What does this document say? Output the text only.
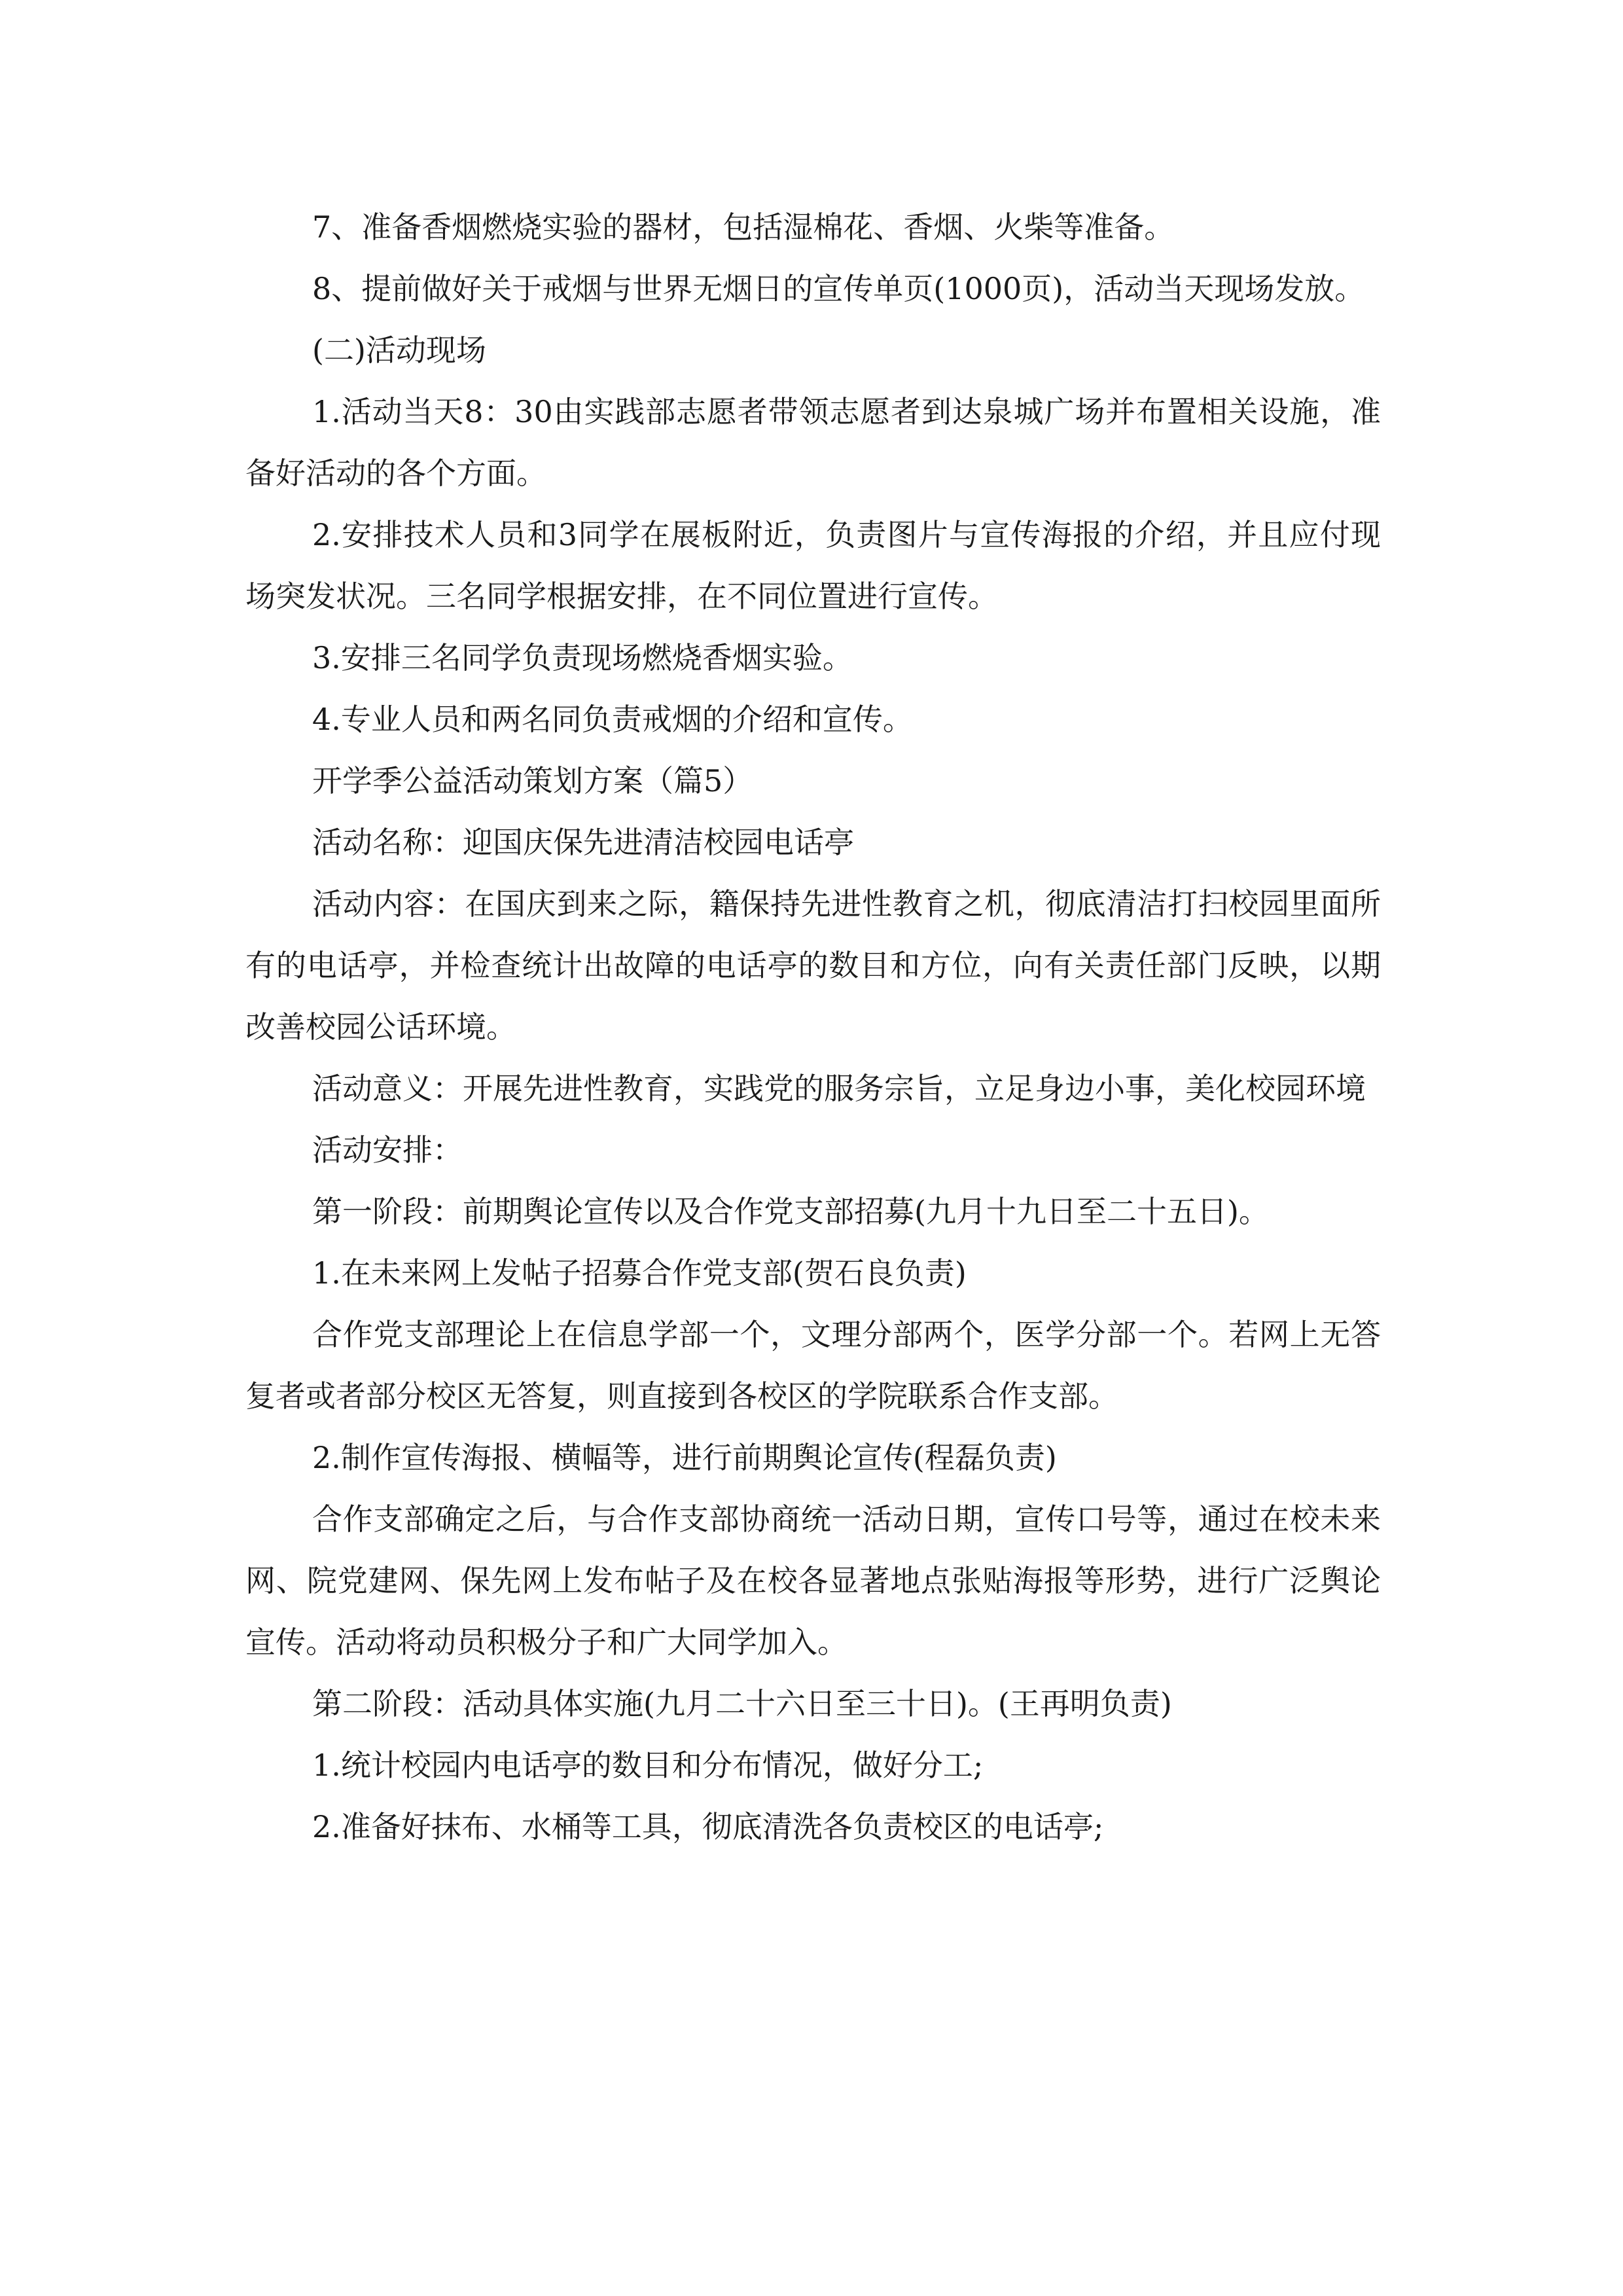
7、准备香烟燃烧实验的器材，包括湿棉花、香烟、火柴等准备。

8、提前做好关于戒烟与世界无烟日的宣传单页(1000页)，活动当天现场发放。

(二)活动现场

1.活动当天8：30由实践部志愿者带领志愿者到达泉城广场并布置相关设施，准备好活动的各个方面。

2.安排技术人员和3同学在展板附近，负责图片与宣传海报的介绍，并且应付现场突发状况。三名同学根据安排，在不同位置进行宣传。

3.安排三名同学负责现场燃烧香烟实验。

4.专业人员和两名同负责戒烟的介绍和宣传。

开学季公益活动策划方案（篇5）

活动名称：迎国庆保先进清洁校园电话亭

活动内容：在国庆到来之际，籍保持先进性教育之机，彻底清洁打扫校园里面所有的电话亭，并检查统计出故障的电话亭的数目和方位，向有关责任部门反映，以期改善校园公话环境。

活动意义：开展先进性教育，实践党的服务宗旨，立足身边小事，美化校园环境

活动安排：

第一阶段：前期舆论宣传以及合作党支部招募(九月十九日至二十五日)。

1.在未来网上发帖子招募合作党支部(贺石良负责)

合作党支部理论上在信息学部一个，文理分部两个，医学分部一个。若网上无答复者或者部分校区无答复，则直接到各校区的学院联系合作支部。

2.制作宣传海报、横幅等，进行前期舆论宣传(程磊负责)

合作支部确定之后，与合作支部协商统一活动日期，宣传口号等，通过在校未来网、院党建网、保先网上发布帖子及在校各显著地点张贴海报等形势，进行广泛舆论宣传。活动将动员积极分子和广大同学加入。

第二阶段：活动具体实施(九月二十六日至三十日)。(王再明负责)

1.统计校园内电话亭的数目和分布情况，做好分工;

2.准备好抹布、水桶等工具，彻底清洗各负责校区的电话亭;
